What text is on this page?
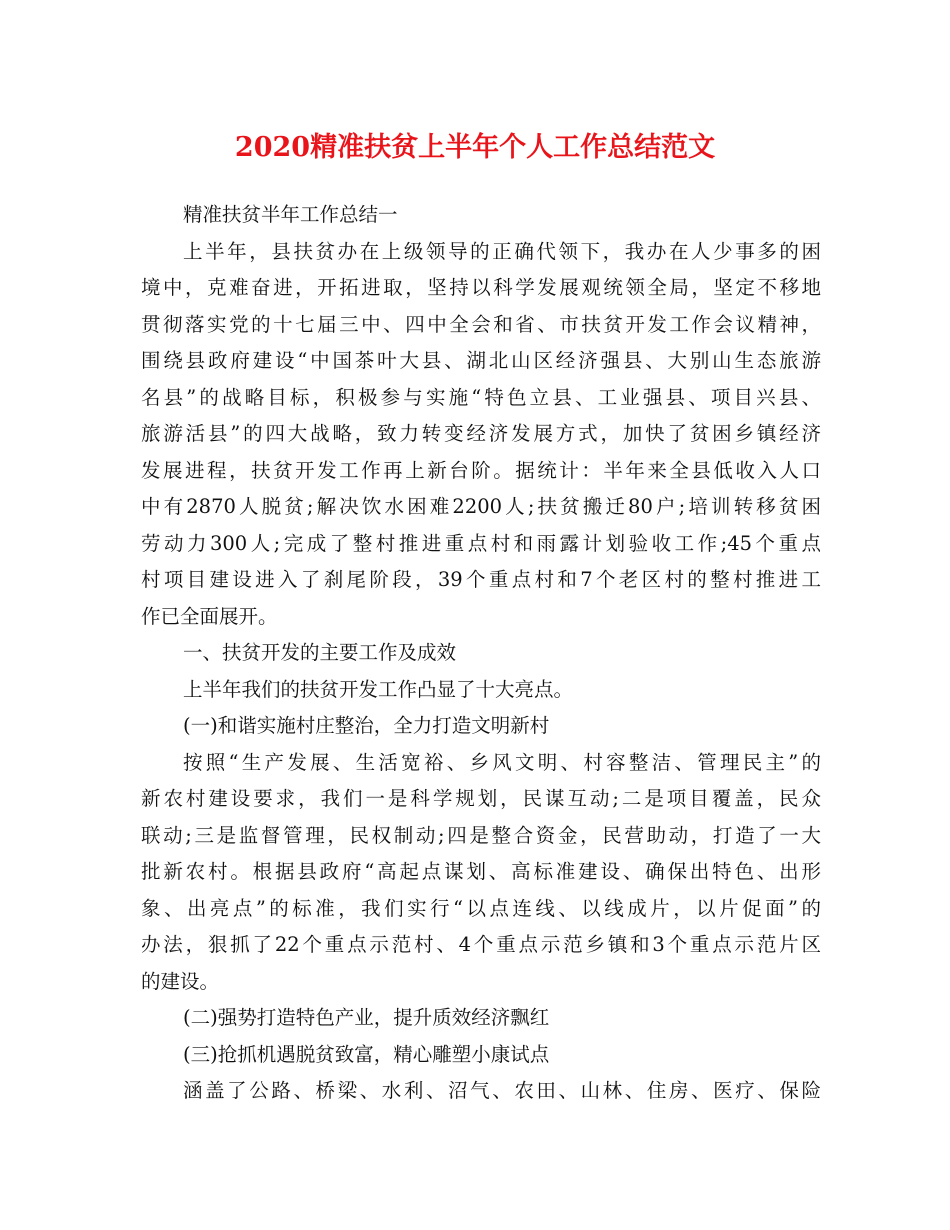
2020精准扶贫上半年个人工作总结范文
精准扶贫半年工作总结一
上半年，县扶贫办在上级领导的正确代领下，我办在人少事多的困
境中，克难奋进，开拓进取，坚持以科学发展观统领全局，坚定不移地
贯彻落实党的十七届三中、四中全会和省、市扶贫开发工作会议精神，
围绕县政府建设“中国茶叶大县、湖北山区经济强县、大别山生态旅游
名县”的战略目标，积极参与实施“特色立县、工业强县、项目兴县、
旅游活县”的四大战略，致力转变经济发展方式，加快了贫困乡镇经济
发展进程，扶贫开发工作再上新台阶。据统计：半年来全县低收入人口
中有2870人脱贫;解决饮水困难2200人;扶贫搬迁80户;培训转移贫困
劳动力300人;完成了整村推进重点村和雨露计划验收工作;45个重点
村项目建设进入了刹尾阶段，39个重点村和7个老区村的整村推进工
作已全面展开。
一、扶贫开发的主要工作及成效
上半年我们的扶贫开发工作凸显了十大亮点。
(一)和谐实施村庄整治，全力打造文明新村
按照“生产发展、生活宽裕、乡风文明、村容整洁、管理民主”的
新农村建设要求，我们一是科学规划，民谋互动;二是项目覆盖，民众
联动;三是监督管理，民权制动;四是整合资金，民营助动，打造了一大
批新农村。根据县政府“高起点谋划、高标准建设、确保出特色、出形
象、出亮点”的标准，我们实行“以点连线、以线成片，以片促面”的
办法，狠抓了22个重点示范村、4个重点示范乡镇和3个重点示范片区
的建设。
(二)强势打造特色产业，提升质效经济飘红
(三)抢抓机遇脱贫致富，精心雕塑小康试点
涵盖了公路、桥梁、水利、沼气、农田、山林、住房、医疗、保险
